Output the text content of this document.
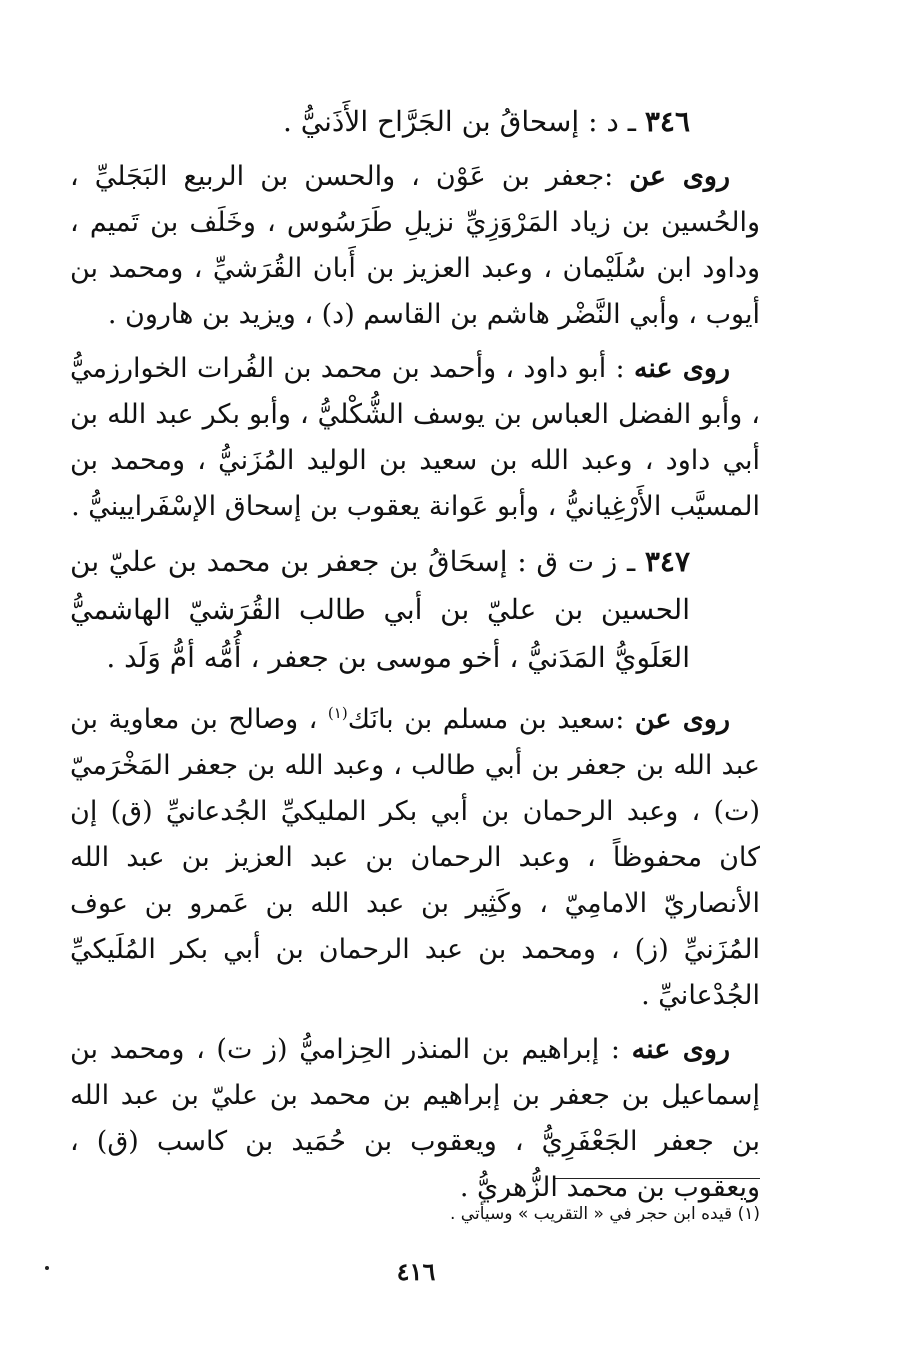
٣٤٦ ـ د : إسحاقُ بن الجَرَّاح الأَذَنيُّ .

روى عن :جعفر بن عَوْن ، والحسن بن الربيع البَجَليِّ ، والحُسين بن زياد المَرْوَزِيِّ نزيلِ طَرَسُوس ، وخَلَف بن تَميم ، وداود ابن سُلَيْمان ، وعبد العزيز بن أَبان القُرَشيِّ ، ومحمد بن أيوب ، وأبي النَّضْر هاشم بن القاسم (د) ، ويزيد بن هارون .

روى عنه : أبو داود ، وأحمد بن محمد بن الفُرات الخوارزميُّ ، وأبو الفضل العباس بن يوسف الشُّكْليُّ ، وأبو بكر عبد الله بن أبي داود ، وعبد الله بن سعيد بن الوليد المُزَنيُّ ، ومحمد بن المسيَّب الأَرْغِيانيُّ ، وأبو عَوانة يعقوب بن إسحاق الإسْفَرايينيُّ .

٣٤٧ ـ ز ت ق : إسحَاقُ بن جعفر بن محمد بن عليّ بن الحسين بن عليّ بن أبي طالب القُرَشيّ الهاشميُّ العَلَويُّ المَدَنيُّ ، أخو موسى بن جعفر ، أُمُّه أمُّ وَلَد .

روى عن :سعيد بن مسلم بن بانَك$^{(١)}$ ، وصالح بن معاوية بن عبد الله بن جعفر بن أبي طالب ، وعبد الله بن جعفر المَخْرَميّ (ت) ، وعبد الرحمان بن أبي بكر المليكيِّ الجُدعانيِّ (ق) إن كان محفوظاً ، وعبد الرحمان بن عبد العزيز بن عبد الله الأنصاريّ الامامِيّ ، وكَثِير بن عبد الله بن عَمرو بن عوف المُزَنيِّ (ز) ، ومحمد بن عبد الرحمان بن أبي بكر المُلَيكيِّ الجُدْعانيِّ .

روى عنه : إبراهيم بن المنذر الحِزاميُّ (ز ت) ، ومحمد بن إسماعيل بن جعفر بن إبراهيم بن محمد بن عليّ بن عبد الله بن جعفر الجَعْفَرِيُّ ، ويعقوب بن حُمَيد بن كاسب (ق) ، ويعقوب بن محمد الزُّهريُّ .

(١) قيده ابن حجر في « التقريب » وسيأتي .
٤١٦
